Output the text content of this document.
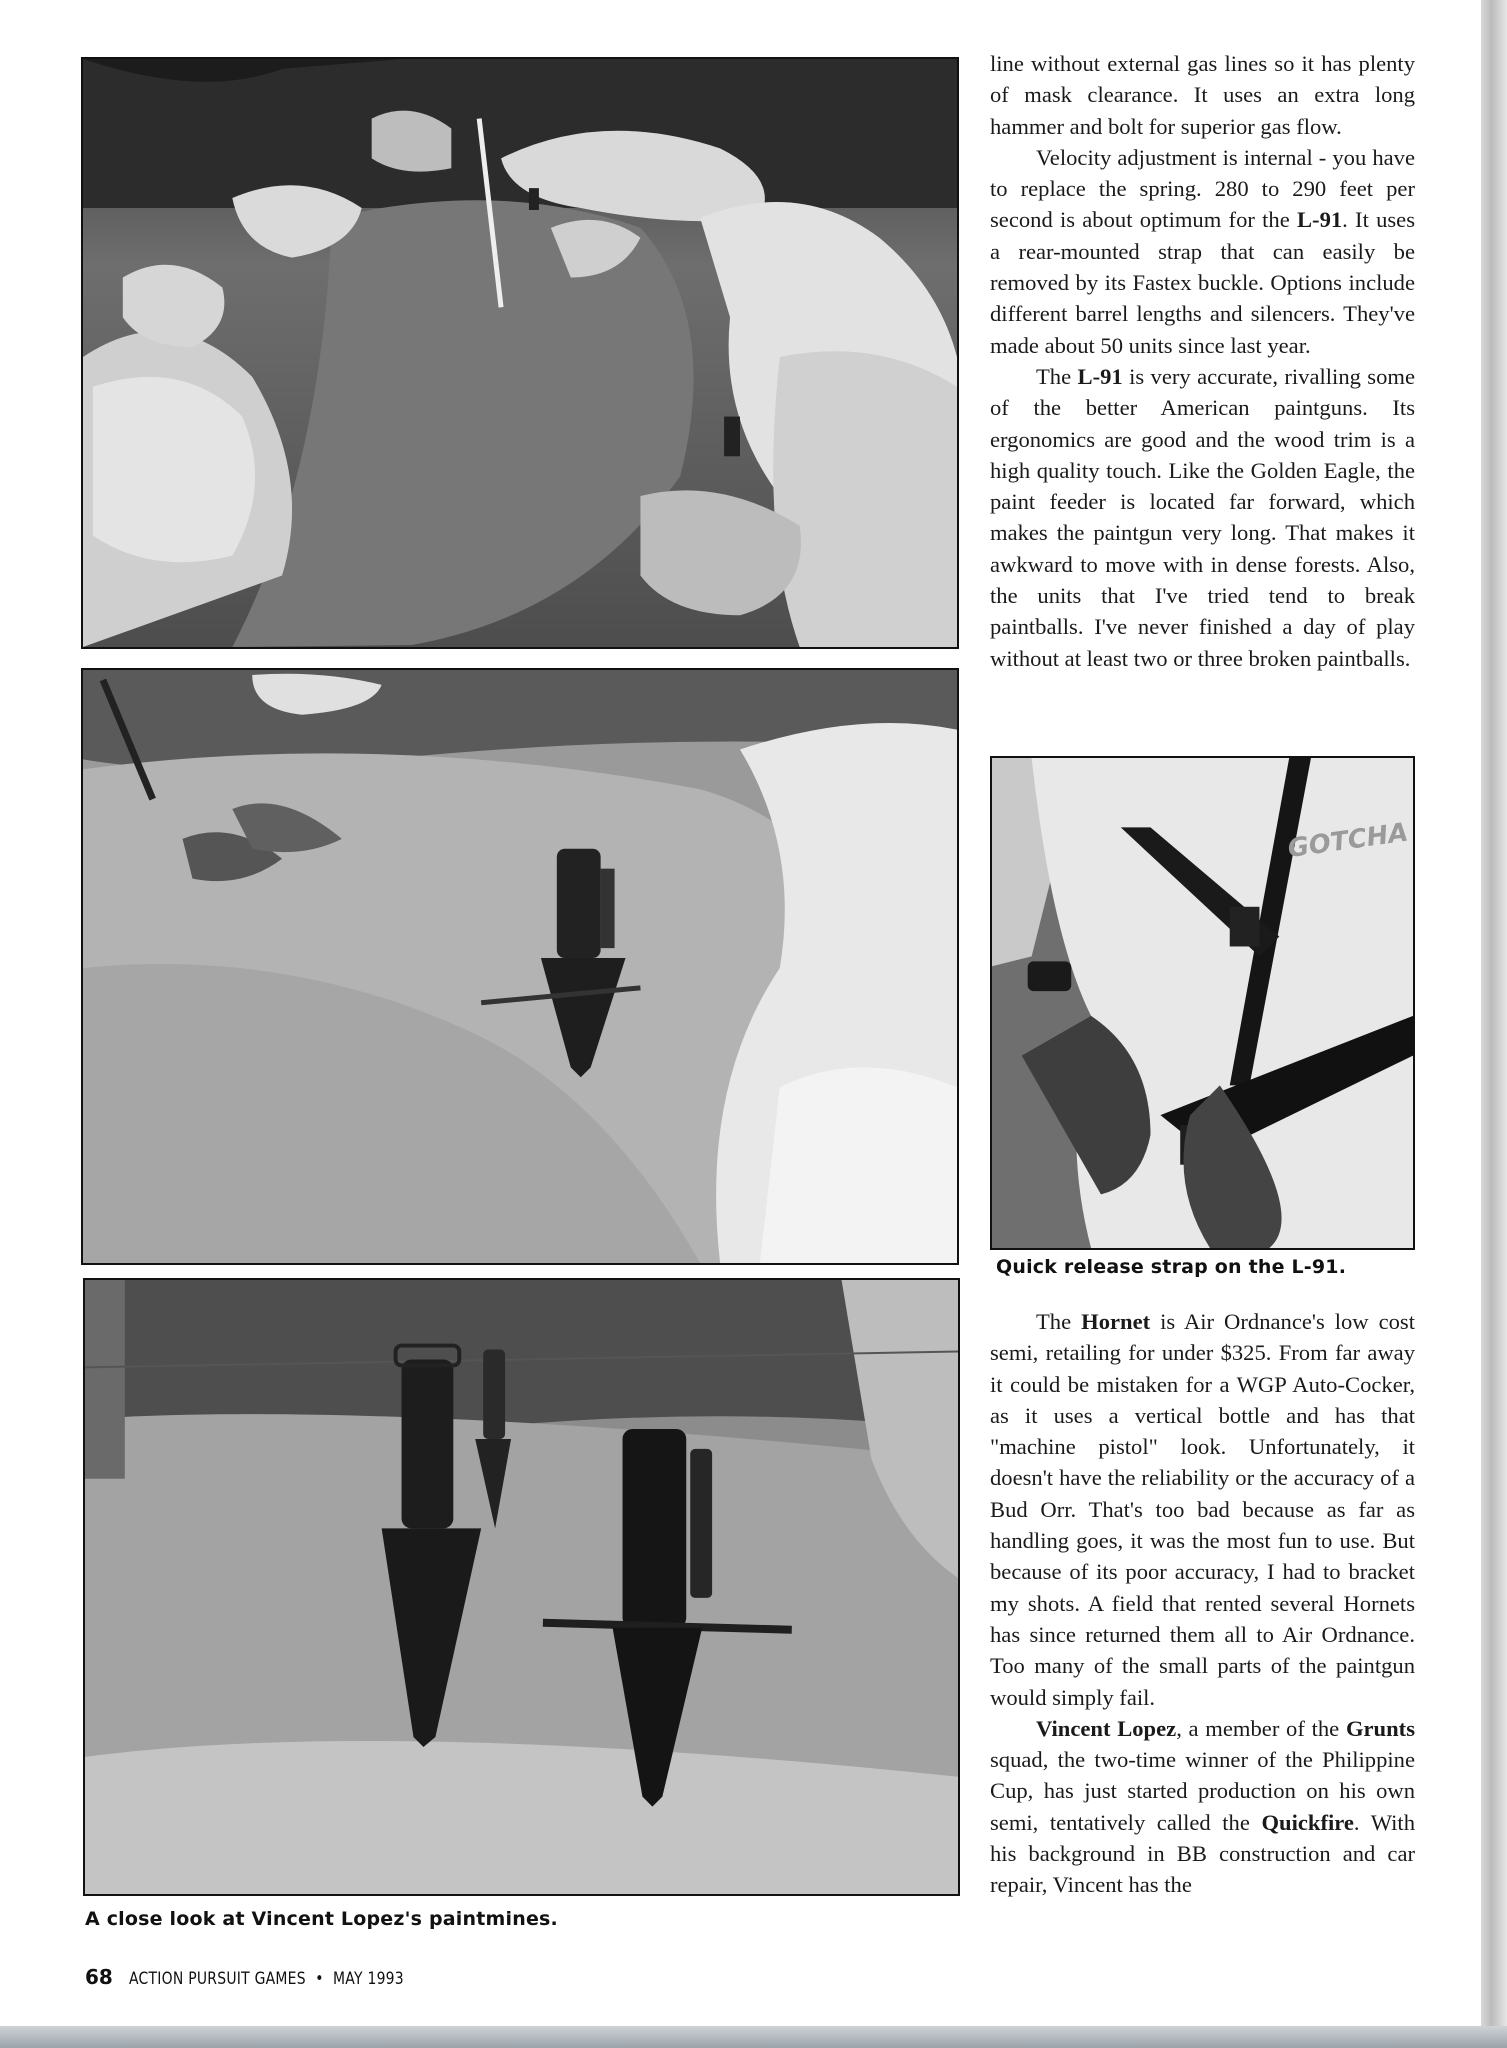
GOTCHA

Quick release strap on the L-91.

A close look at Vincent Lopez's paintmines.

line without external gas lines so it has plenty of mask clearance. It uses an extra long hammer and bolt for superior gas flow.

Velocity adjustment is internal - you have to replace the spring. 280 to 290 feet per second is about optimum for the L-91. It uses a rear-mounted strap that can easily be removed by its Fastex buckle. Options include different barrel lengths and silencers. They've made about 50 units since last year.

The L-91 is very accurate, rivalling some of the better American paintguns. Its ergonomics are good and the wood trim is a high quality touch. Like the Golden Eagle, the paint feeder is located far forward, which makes the paintgun very long. That makes it awkward to move with in dense forests. Also, the units that I've tried tend to break paintballs. I've never finished a day of play without at least two or three broken paintballs.

The Hornet is Air Ordnance's low cost semi, retailing for under $325. From far away it could be mistaken for a WGP Auto-Cocker, as it uses a vertical bottle and has that "machine pistol" look. Unfortunately, it doesn't have the reliability or the accuracy of a Bud Orr. That's too bad because as far as handling goes, it was the most fun to use. But because of its poor accuracy, I had to bracket my shots. A field that rented several Hornets has since returned them all to Air Ordnance. Too many of the small parts of the paintgun would simply fail.

Vincent Lopez, a member of the Grunts squad, the two-time winner of the Philippine Cup, has just started production on his own semi, tentatively called the Quickfire. With his background in BB construction and car repair, Vincent has the

68 ACTION PURSUIT GAMES • MAY 1993
